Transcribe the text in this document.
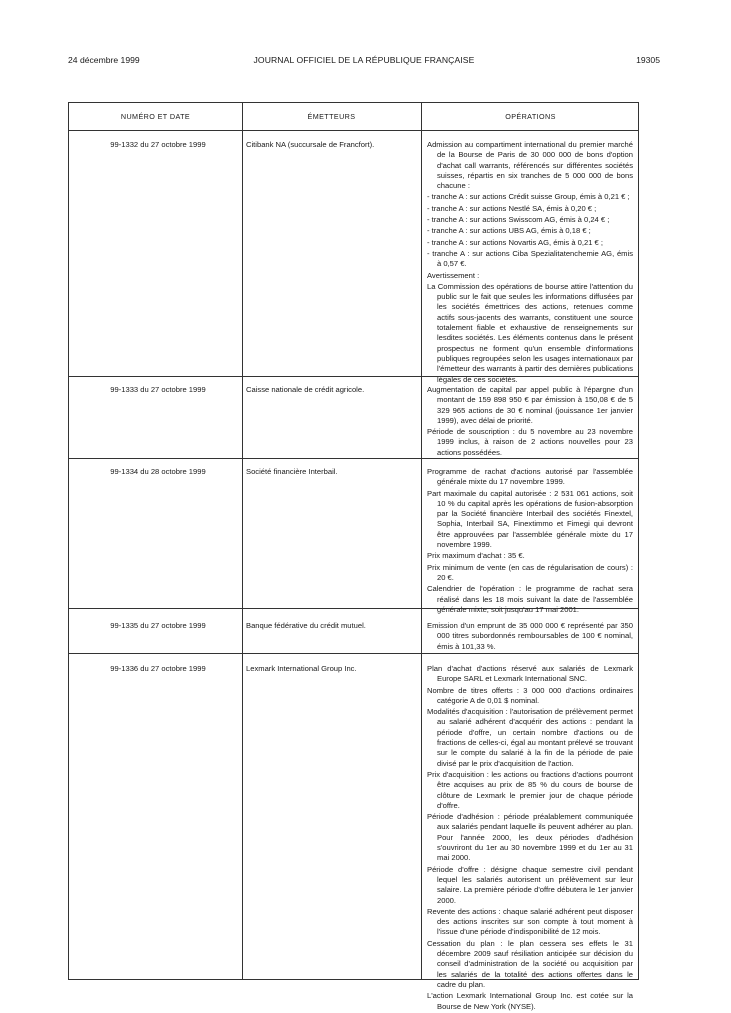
24 décembre 1999	JOURNAL OFFICIEL DE LA RÉPUBLIQUE FRANÇAISE	19305
NUMÉRO ET DATE	ÉMETTEURS	OPÉRATIONS
99-1332 du 27 octobre 1999	Citibank NA (succursale de Francfort).	Admission au compartiment international du premier marché de la Bourse de Paris de 30 000 000 de bons d'option d'achat call warrants, référencés sur différentes sociétés suisses, répartis en six tranches de 5 000 000 de bons chacune :

- tranche A : sur actions Crédit suisse Group, émis à 0,21 € ;

- tranche A : sur actions Nestlé SA, émis à 0,20 € ;

- tranche A : sur actions Swisscom AG, émis à 0,24 € ;

- tranche A : sur actions UBS AG, émis à 0,18 € ;

- tranche A : sur actions Novartis AG, émis à 0,21 € ;

- tranche A : sur actions Ciba Spezialitatenchemie AG, émis à 0,57 €.

Avertissement :

La Commission des opérations de bourse attire l'attention du public sur le fait que seules les informations diffusées par les sociétés émettrices des actions, retenues comme actifs sous-jacents des warrants, constituent une source totalement fiable et exhaustive de renseignements sur lesdites sociétés. Les éléments contenus dans le présent prospectus ne forment qu'un ensemble d'informations publiques regroupées selon les usages internationaux par l'émetteur des warrants à partir des dernières publications légales de ces sociétés.

99-1333 du 27 octobre 1999	Caisse nationale de crédit agricole.	Augmentation de capital par appel public à l'épargne d'un montant de 159 898 950 € par émission à 150,08 € de 5 329 965 actions de 30 € nominal (jouissance 1er janvier 1999), avec délai de priorité.

Période de souscription : du 5 novembre au 23 novembre 1999 inclus, à raison de 2 actions nouvelles pour 23 actions possédées.

99-1334 du 28 octobre 1999	Société financière Interbail.	Programme de rachat d'actions autorisé par l'assemblée générale mixte du 17 novembre 1999.

Part maximale du capital autorisée : 2 531 061 actions, soit 10 % du capital après les opérations de fusion-absorption par la Société financière Interbail des sociétés Finextel, Sophia, Interbail SA, Finextimmo et Fimegi qui devront être approuvées par l'assemblée générale mixte du 17 novembre 1999.

Prix maximum d'achat : 35 €.

Prix minimum de vente (en cas de régularisation de cours) : 20 €.

Calendrier de l'opération : le programme de rachat sera réalisé dans les 18 mois suivant la date de l'assemblée générale mixte, soit jusqu'au 17 mai 2001.

99-1335 du 27 octobre 1999	Banque fédérative du crédit mutuel.	Emission d'un emprunt de 35 000 000 € représenté par 350 000 titres subordonnés remboursables de 100 € nominal, émis à 101,33 %.

99-1336 du 27 octobre 1999	Lexmark International Group Inc.	Plan d'achat d'actions réservé aux salariés de Lexmark Europe SARL et Lexmark International SNC.

Nombre de titres offerts : 3 000 000 d'actions ordinaires catégorie A de 0,01 $ nominal.

Modalités d'acquisition : l'autorisation de prélèvement permet au salarié adhérent d'acquérir des actions : pendant la période d'offre, un certain nombre d'actions ou de fractions de celles-ci, égal au montant prélevé se trouvant sur le compte du salarié à la fin de la période de paie divisé par le prix d'acquisition de l'action.

Prix d'acquisition : les actions ou fractions d'actions pourront être acquises au prix de 85 % du cours de bourse de clôture de Lexmark le premier jour de chaque période d'offre.

Période d'adhésion : période préalablement communiquée aux salariés pendant laquelle ils peuvent adhérer au plan. Pour l'année 2000, les deux périodes d'adhésion s'ouvriront du 1er au 30 novembre 1999 et du 1er au 31 mai 2000.

Période d'offre : désigne chaque semestre civil pendant lequel les salariés autorisent un prélèvement sur leur salaire. La première période d'offre débutera le 1er janvier 2000.

Revente des actions : chaque salarié adhérent peut disposer des actions inscrites sur son compte à tout moment à l'issue d'une période d'indisponibilité de 12 mois.

Cessation du plan : le plan cessera ses effets le 31 décembre 2009 sauf résiliation anticipée sur décision du conseil d'administration de la société ou acquisition par les salariés de la totalité des actions offertes dans le cadre du plan.

L'action Lexmark International Group Inc. est cotée sur la Bourse de New York (NYSE).
